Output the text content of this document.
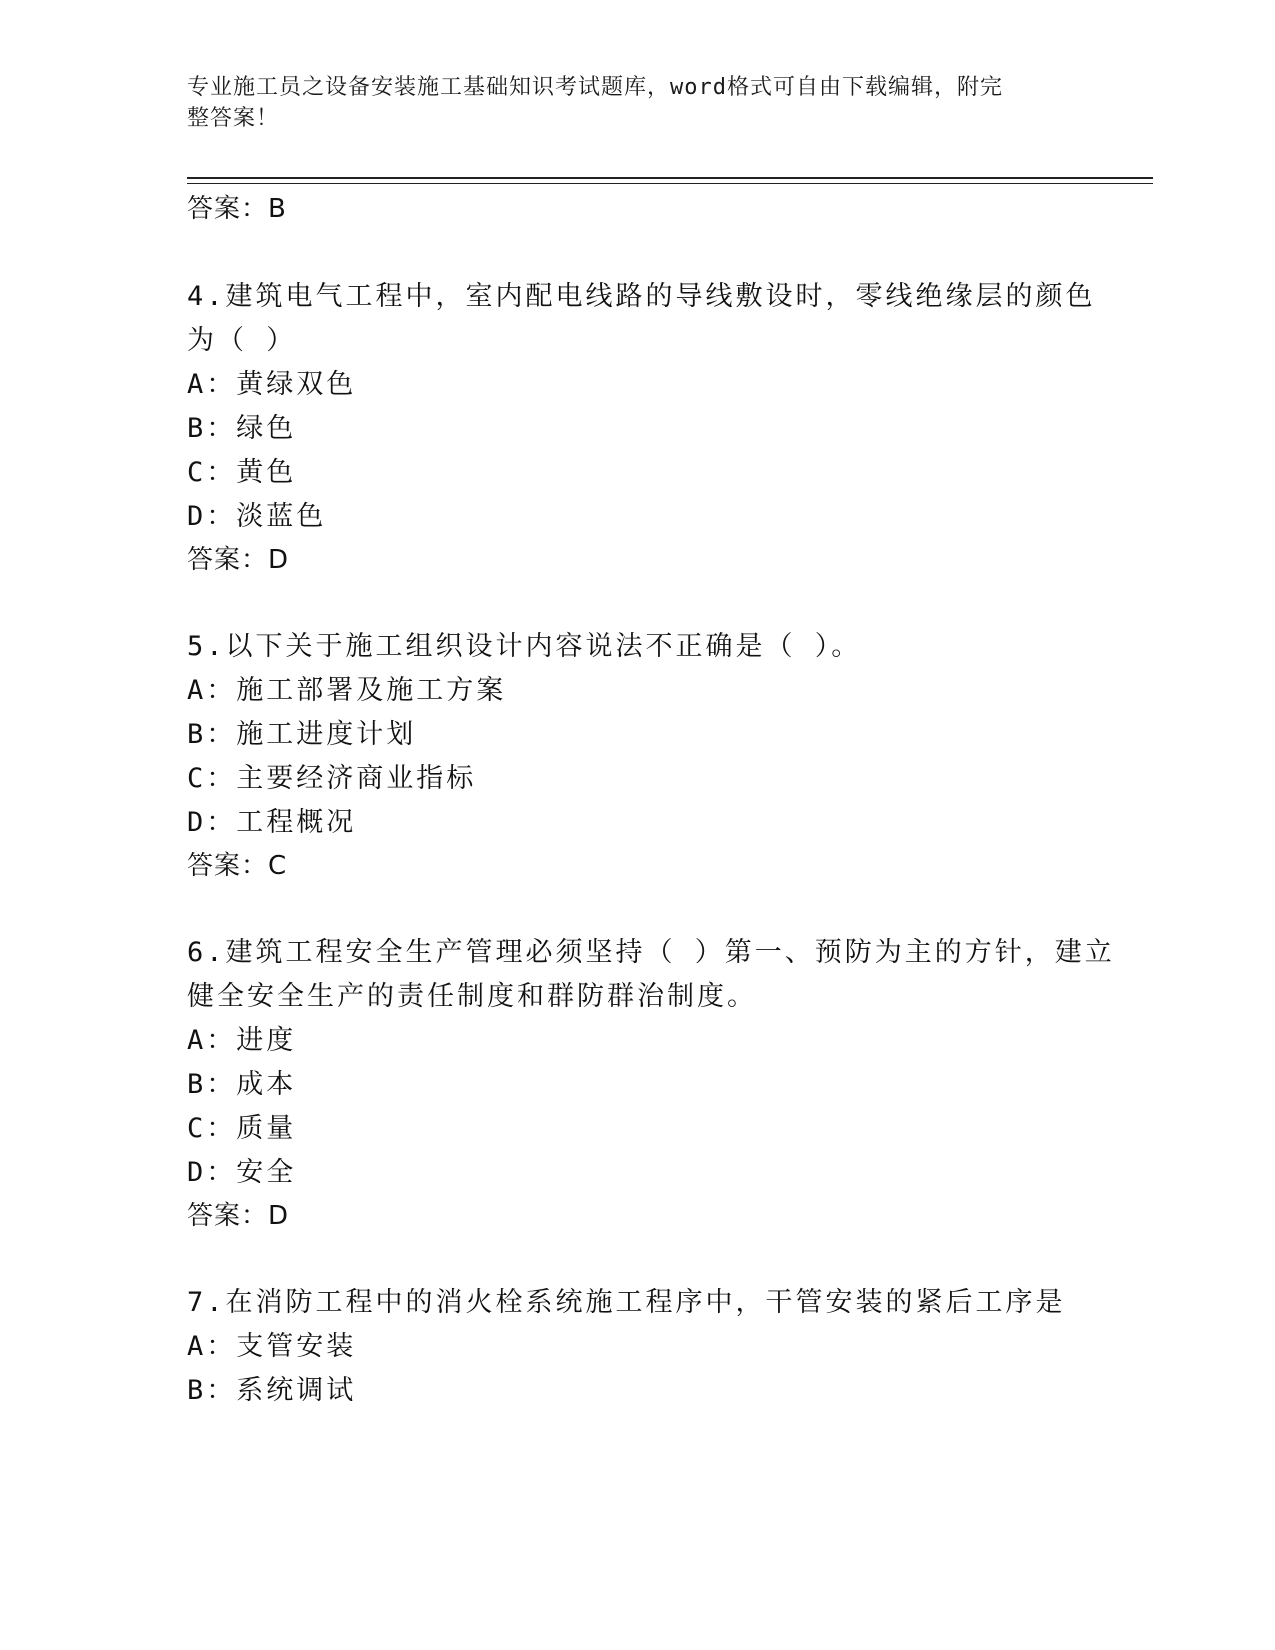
专业施工员之设备安装施工基础知识考试题库，word格式可自由下载编辑，附完
整答案！
答案：B
4.建筑电气工程中，室内配电线路的导线敷设时，零线绝缘层的颜色
为（ ）
A：黄绿双色
B：绿色
C：黄色
D：淡蓝色
答案：D
5.以下关于施工组织设计内容说法不正确是（ ）。
A：施工部署及施工方案
B：施工进度计划
C：主要经济商业指标
D：工程概况
答案：C
6.建筑工程安全生产管理必须坚持（ ）第一、预防为主的方针，建立
健全安全生产的责任制度和群防群治制度。
A：进度
B：成本
C：质量
D：安全
答案：D
7.在消防工程中的消火栓系统施工程序中，干管安装的紧后工序是
A：支管安装
B：系统调试
